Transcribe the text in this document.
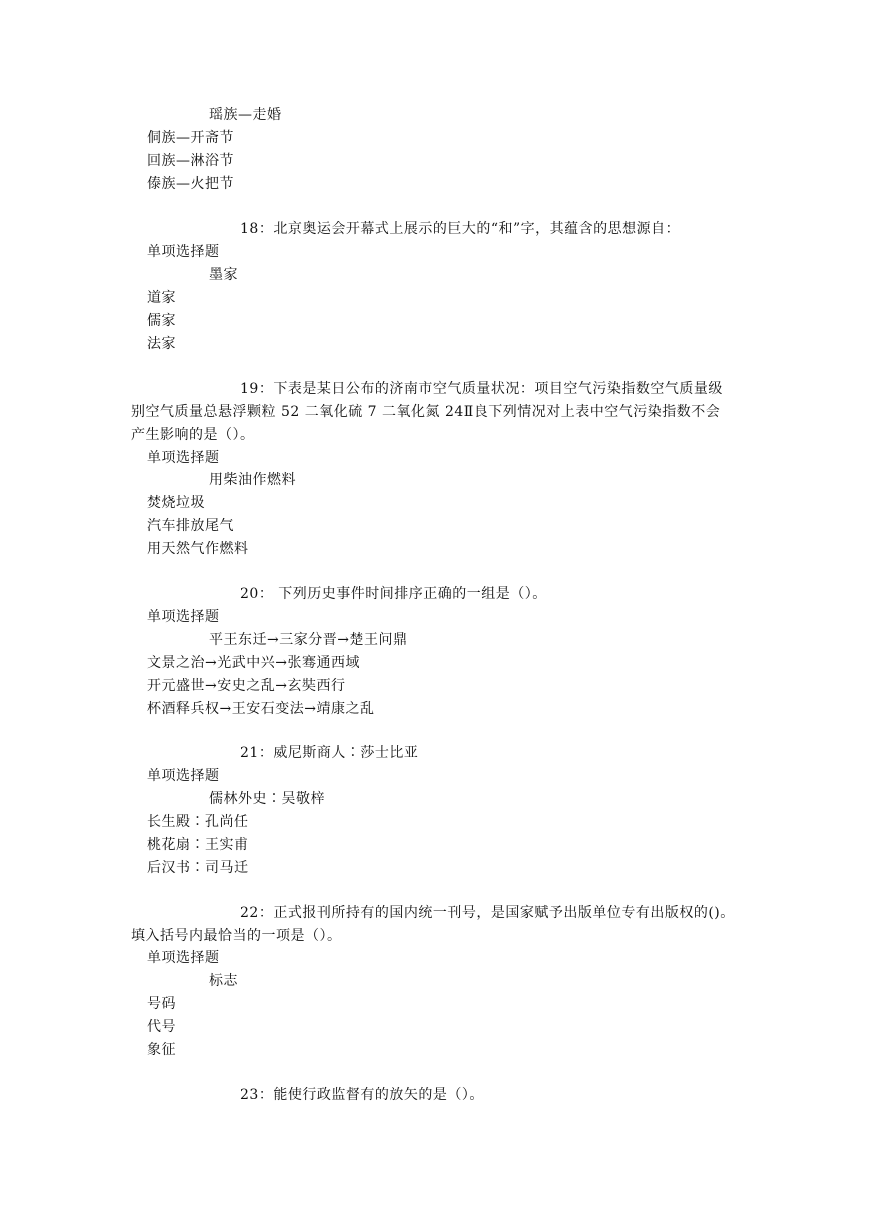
瑶族—走婚
侗族—开斋节
回族—淋浴节
傣族—火把节
18：北京奥运会开幕式上展示的巨大的“和”字，其蕴含的思想源自：
单项选择题
墨家
道家
儒家
法家
19：下表是某日公布的济南市空气质量状况：项目空气污染指数空气质量级
别空气质量总悬浮颗粒 52 二氧化硫 7 二氧化氮 24Ⅱ良下列情况对上表中空气污染指数不会
产生影响的是（）。
单项选择题
用柴油作燃料
焚烧垃圾
汽车排放尾气
用天然气作燃料
20： 下列历史事件时间排序正确的一组是（）。
单项选择题
平王东迁→三家分晋→楚王问鼎
文景之治→光武中兴→张骞通西域
开元盛世→安史之乱→玄奘西行
杯酒释兵权→王安石变法→靖康之乱
21：威尼斯商人∶莎士比亚
单项选择题
儒林外史∶吴敬梓
长生殿∶孔尚任
桃花扇∶王实甫
后汉书∶司马迁
22：正式报刊所持有的国内统一刊号，是国家赋予出版单位专有出版权的()。
填入括号内最恰当的一项是（）。
单项选择题
标志
号码
代号
象征
23：能使行政监督有的放矢的是（）。
